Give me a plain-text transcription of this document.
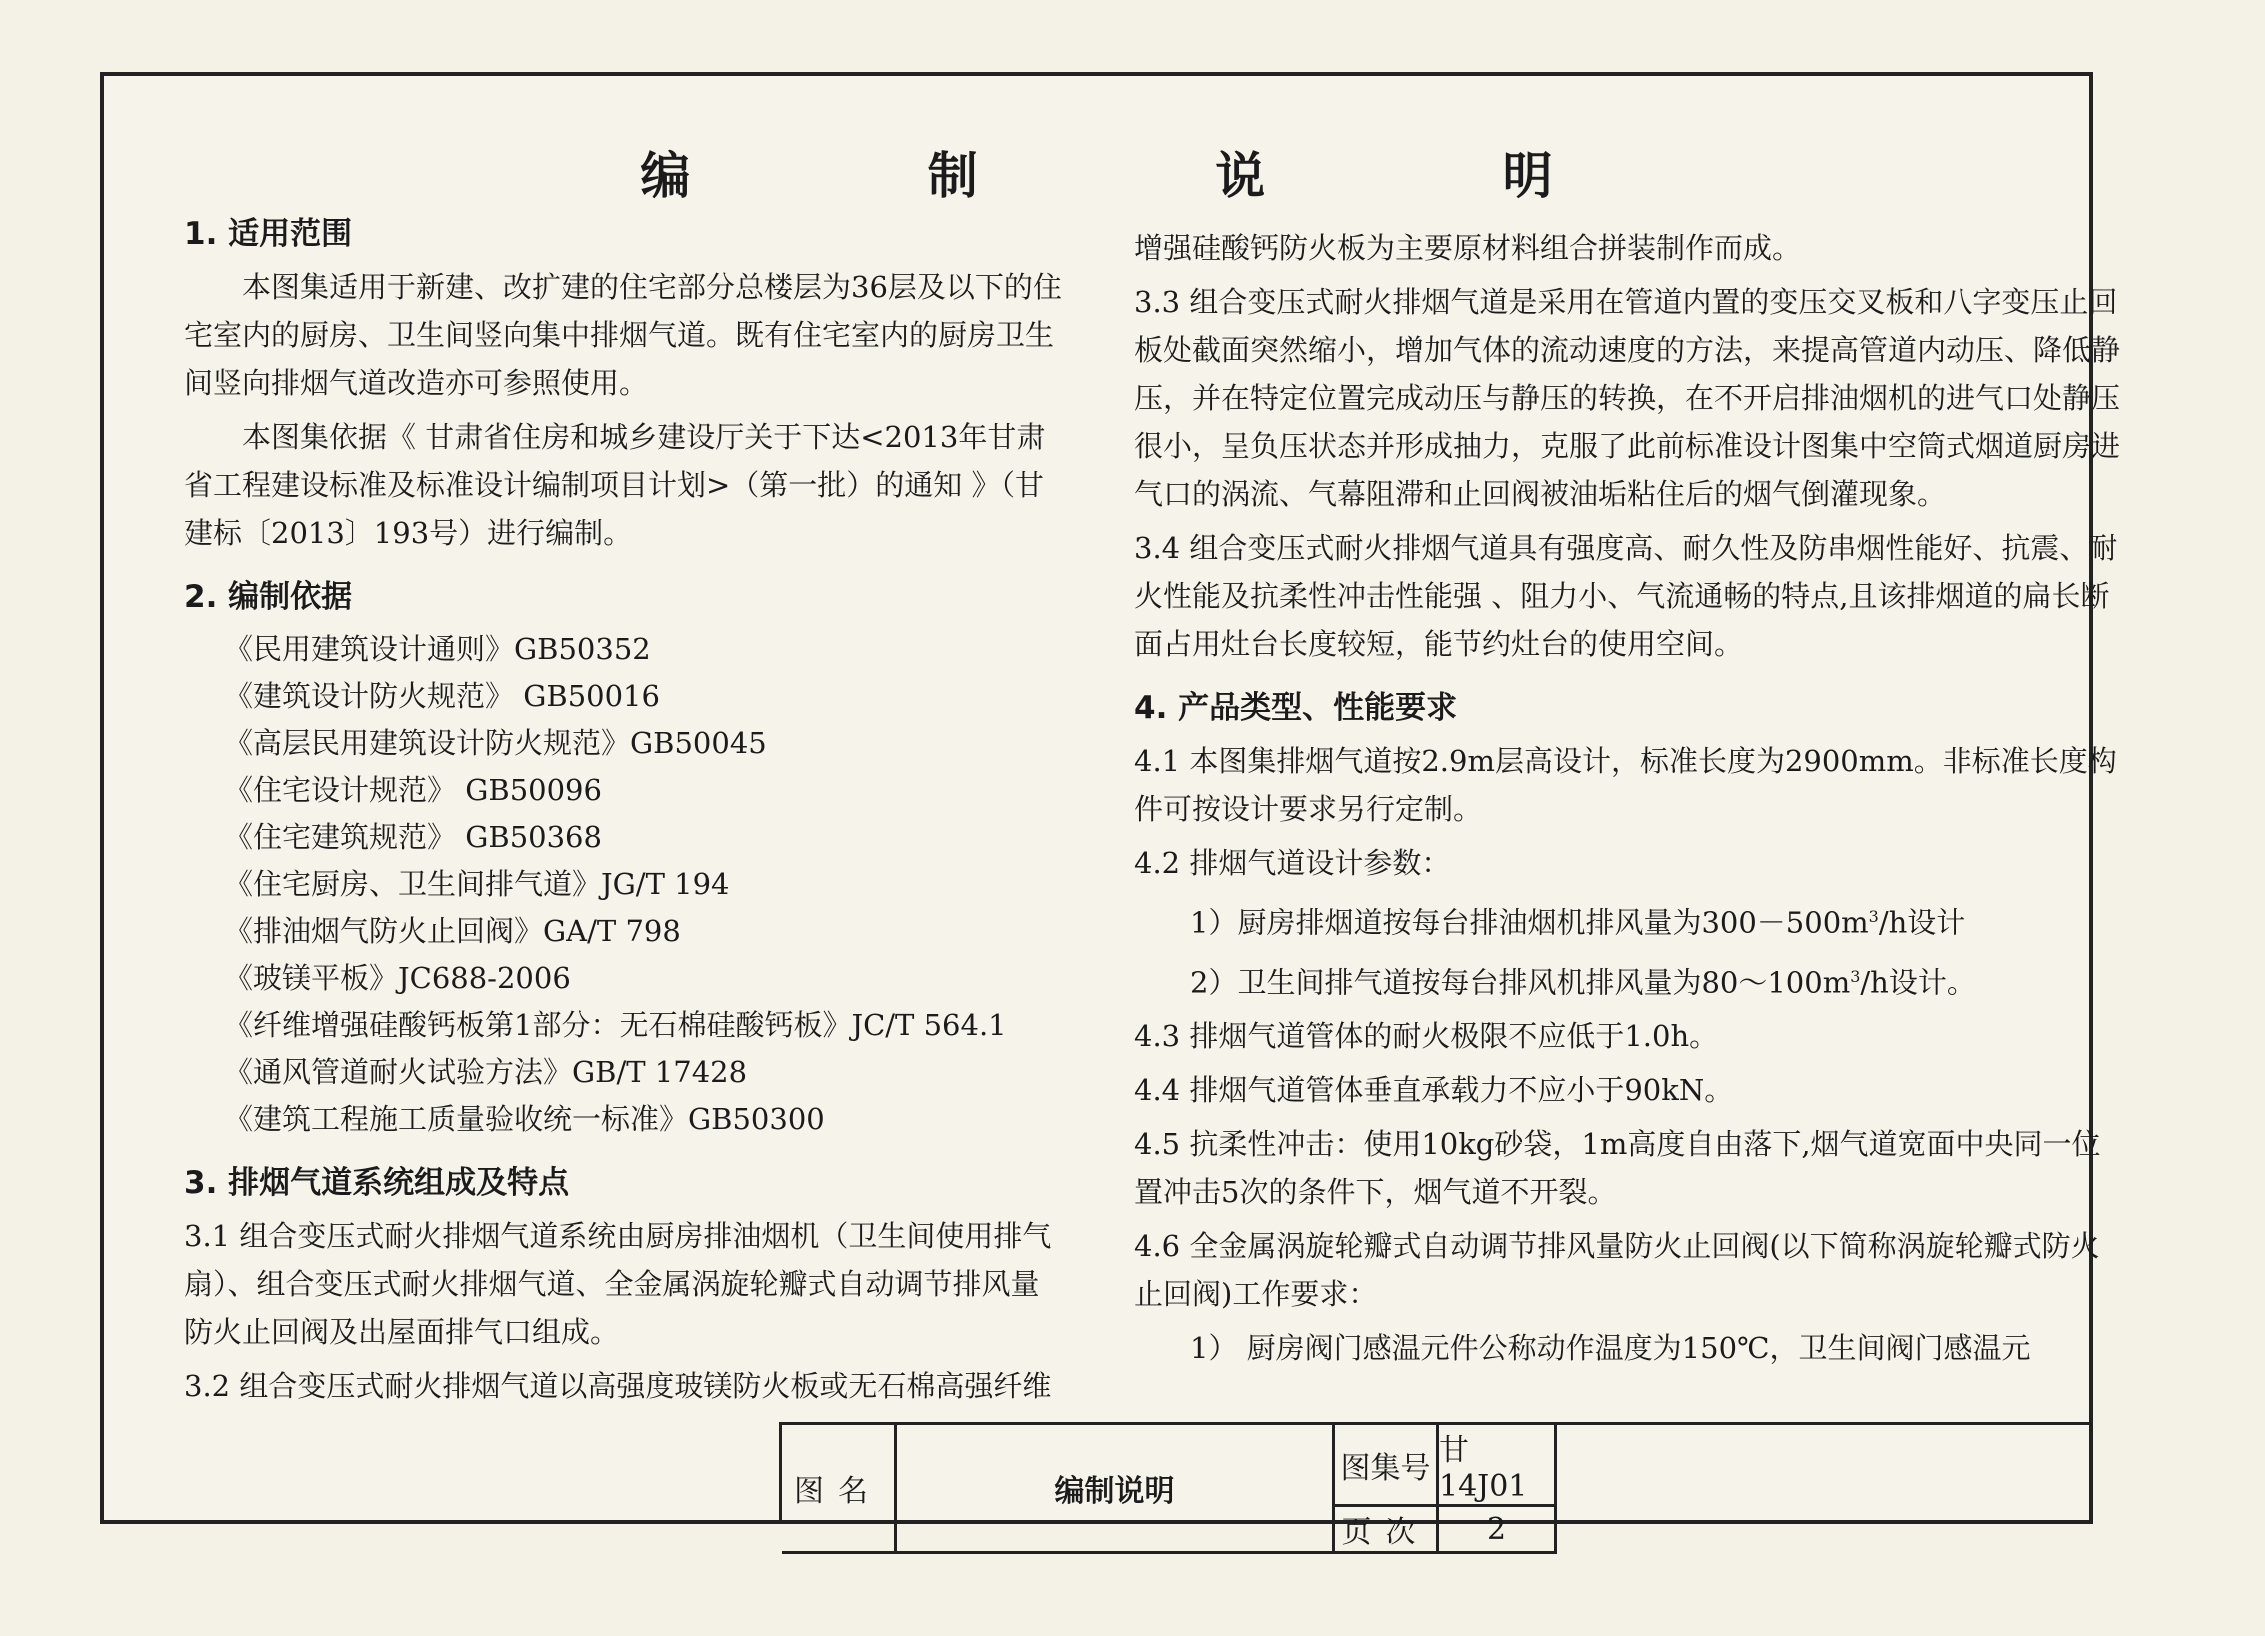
编 制 说 明
1. 适用范围

本图集适用于新建、改扩建的住宅部分总楼层为36层及以下的住宅室内的厨房、卫生间竖向集中排烟气道。既有住宅室内的厨房卫生间竖向排烟气道改造亦可参照使用。

本图集依据《 甘肃省住房和城乡建设厅关于下达<2013年甘肃省工程建设标准及标准设计编制项目计划>（第一批）的通知 》（甘建标〔2013〕193号）进行编制。

2. 编制依据
《民用建筑设计通则》GB50352
《建筑设计防火规范》 GB50016
《高层民用建筑设计防火规范》GB50045
《住宅设计规范》 GB50096
《住宅建筑规范》 GB50368
《住宅厨房、卫生间排气道》JG/T 194
《排油烟气防火止回阀》GA/T 798
《玻镁平板》JC688-2006
《纤维增强硅酸钙板第1部分：无石棉硅酸钙板》JC/T 564.1
《通风管道耐火试验方法》GB/T 17428
《建筑工程施工质量验收统一标准》GB50300
3. 排烟气道系统组成及特点

3.1 组合变压式耐火排烟气道系统由厨房排油烟机（卫生间使用排气扇）、组合变压式耐火排烟气道、全金属涡旋轮瓣式自动调节排风量防火止回阀及出屋面排气口组成。

3.2 组合变压式耐火排烟气道以高强度玻镁防火板或无石棉高强纤维

增强硅酸钙防火板为主要原材料组合拼装制作而成。

3.3 组合变压式耐火排烟气道是采用在管道内置的变压交叉板和八字变压止回板处截面突然缩小，增加气体的流动速度的方法，来提高管道内动压、降低静压，并在特定位置完成动压与静压的转换，在不开启排油烟机的进气口处静压很小，呈负压状态并形成抽力，克服了此前标准设计图集中空筒式烟道厨房进气口的涡流、气幕阻滞和止回阀被油垢粘住后的烟气倒灌现象。

3.4 组合变压式耐火排烟气道具有强度高、耐久性及防串烟性能好、抗震、耐火性能及抗柔性冲击性能强 、阻力小、气流通畅的特点,且该排烟道的扁长断面占用灶台长度较短，能节约灶台的使用空间。

4. 产品类型、性能要求

4.1 本图集排烟气道按2.9m层高设计，标准长度为2900mm。非标准长度构件可按设计要求另行定制。

4.2 排烟气道设计参数：

1）厨房排烟道按每台排油烟机排风量为$300-500m^3/h$设计

2）卫生间排气道按每台排风机排风量为$80\sim 100m^3/h$设计。

4.3 排烟气道管体的耐火极限不应低于1.0h。

4.4 排烟气道管体垂直承载力不应小于90kN。

4.5 抗柔性冲击：使用10kg砂袋，1m高度自由落下,烟气道宽面中央同一位置冲击5次的条件下，烟气道不开裂。

4.6 全金属涡旋轮瓣式自动调节排风量防火止回阀(以下简称涡旋轮瓣式防火止回阀)工作要求：

1） 厨房阀门感温元件公称动作温度为150℃，卫生间阀门感温元

图名	编制说明
图集号 甘14J01
页次	2
